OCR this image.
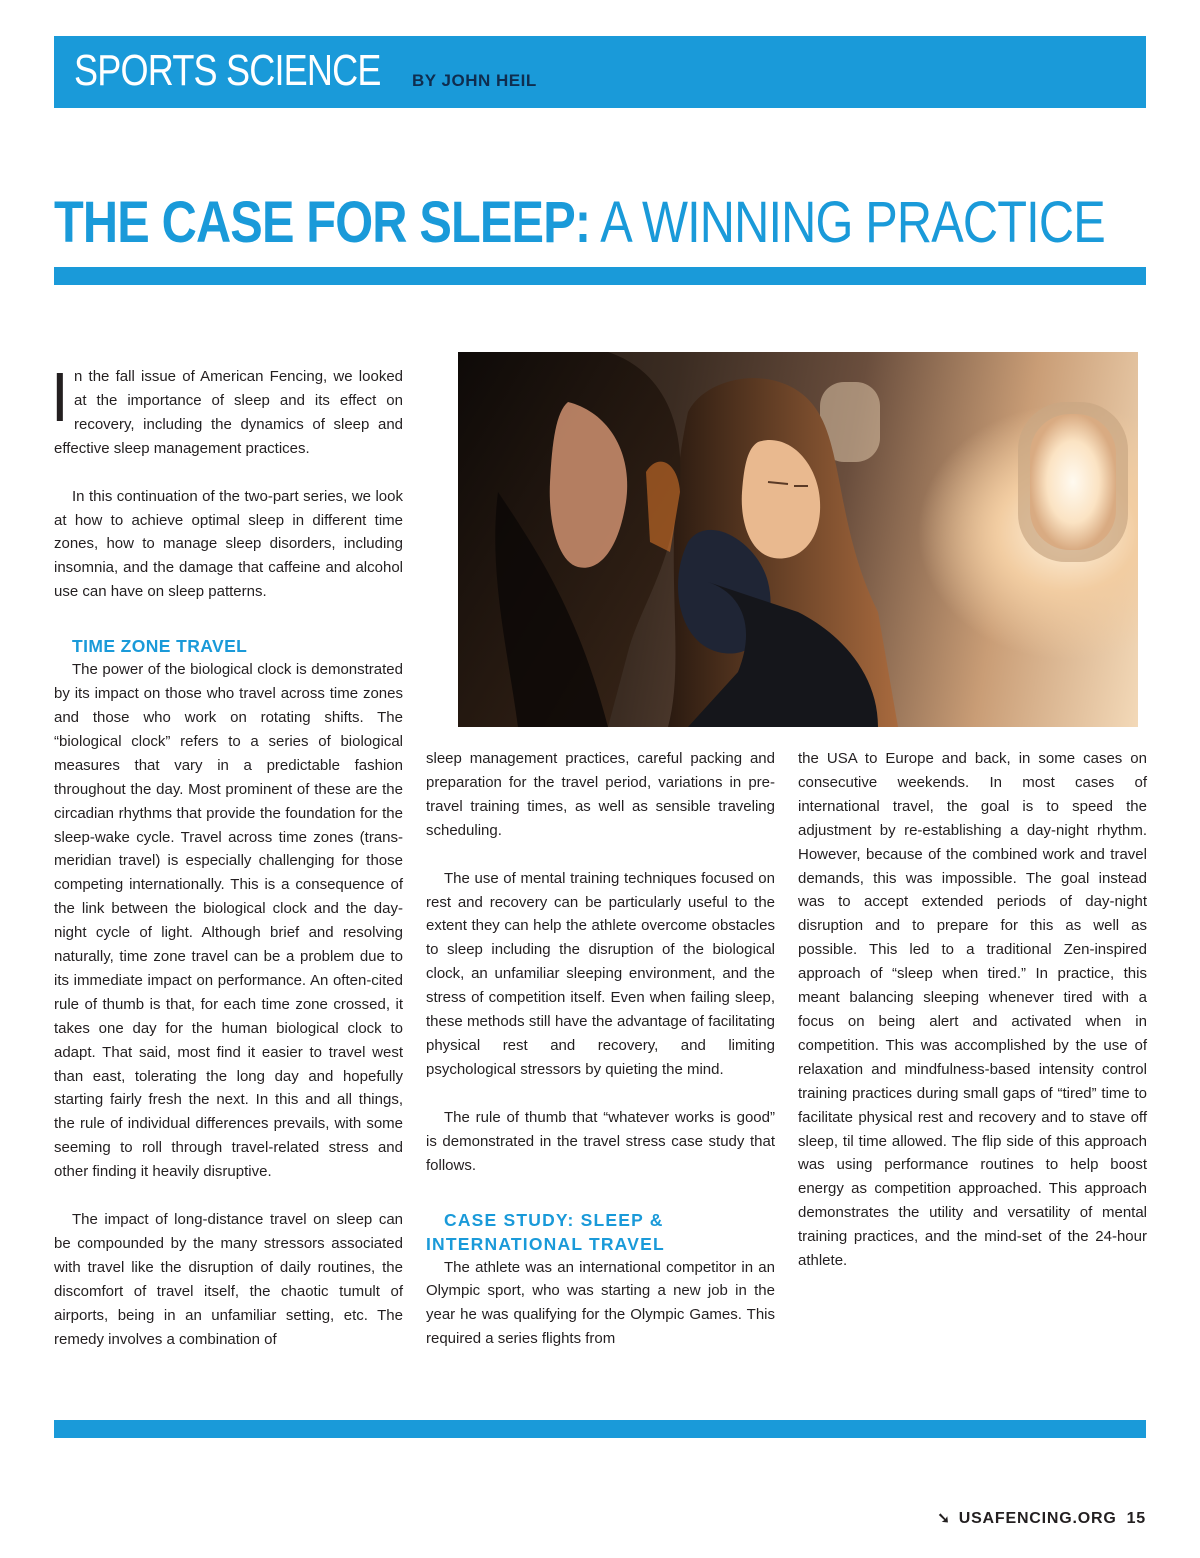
SPORTS SCIENCE BY JOHN HEIL
THE CASE FOR SLEEP: A WINNING PRACTICE

In the fall issue of American Fencing, we looked at the importance of sleep and its effect on recovery, including the dynamics of sleep and effective sleep management practices.

In this continuation of the two-part series, we look at how to achieve optimal sleep in different time zones, how to manage sleep disorders, including insomnia, and the damage that caffeine and alcohol use can have on sleep patterns.

TIME ZONE TRAVEL

The power of the biological clock is demonstrated by its impact on those who travel across time zones and those who work on rotating shifts. The “biological clock” refers to a series of biological measures that vary in a predictable fashion throughout the day. Most prominent of these are the circadian rhythms that provide the foundation for the sleep-wake cycle. Travel across time zones (trans-meridian travel) is especially challenging for those competing internationally. This is a consequence of the link between the biological clock and the day-night cycle of light. Although brief and resolving naturally, time zone travel can be a problem due to its immediate impact on performance. An often-cited rule of thumb is that, for each time zone crossed, it takes one day for the human biological clock to adapt. That said, most find it easier to travel west than east, tolerating the long day and hopefully starting fairly fresh the next. In this and all things, the rule of individual differences prevails, with some seeming to roll through travel-related stress and other finding it heavily disruptive.

The impact of long-distance travel on sleep can be compounded by the many stressors associated with travel like the disruption of daily routines, the discomfort of travel itself, the chaotic tumult of airports, being in an unfamiliar setting, etc. The remedy involves a combination of

sleep management practices, careful packing and preparation for the travel period, variations in pre-travel training times, as well as sensible traveling scheduling.

The use of mental training techniques focused on rest and recovery can be particularly useful to the extent they can help the athlete overcome obstacles to sleep including the disruption of the biological clock, an unfamiliar sleeping environment, and the stress of competition itself. Even when failing sleep, these methods still have the advantage of facilitating physical rest and recovery, and limiting psychological stressors by quieting the mind.

The rule of thumb that “whatever works is good” is demonstrated in the travel stress case study that follows.

CASE STUDY: SLEEP & INTERNATIONAL TRAVEL

The athlete was an international competitor in an Olympic sport, who was starting a new job in the year he was qualifying for the Olympic Games. This required a series flights from

the USA to Europe and back, in some cases on consecutive weekends. In most cases of international travel, the goal is to speed the adjustment by re-establishing a day-night rhythm. However, because of the combined work and travel demands, this was impossible. The goal instead was to accept extended periods of day-night disruption and to prepare for this as well as possible. This led to a traditional Zen-inspired approach of “sleep when tired.” In practice, this meant balancing sleeping whenever tired with a focus on being alert and activated when in competition. This was accomplished by the use of relaxation and mindfulness-based intensity control training practices during small gaps of “tired” time to facilitate physical rest and recovery and to stave off sleep, til time allowed. The flip side of this approach was using performance routines to help boost energy as competition approached. This approach demonstrates the utility and versatility of mental training practices, and the mind-set of the 24-hour athlete.

➘ USAFENCING.ORG 15
